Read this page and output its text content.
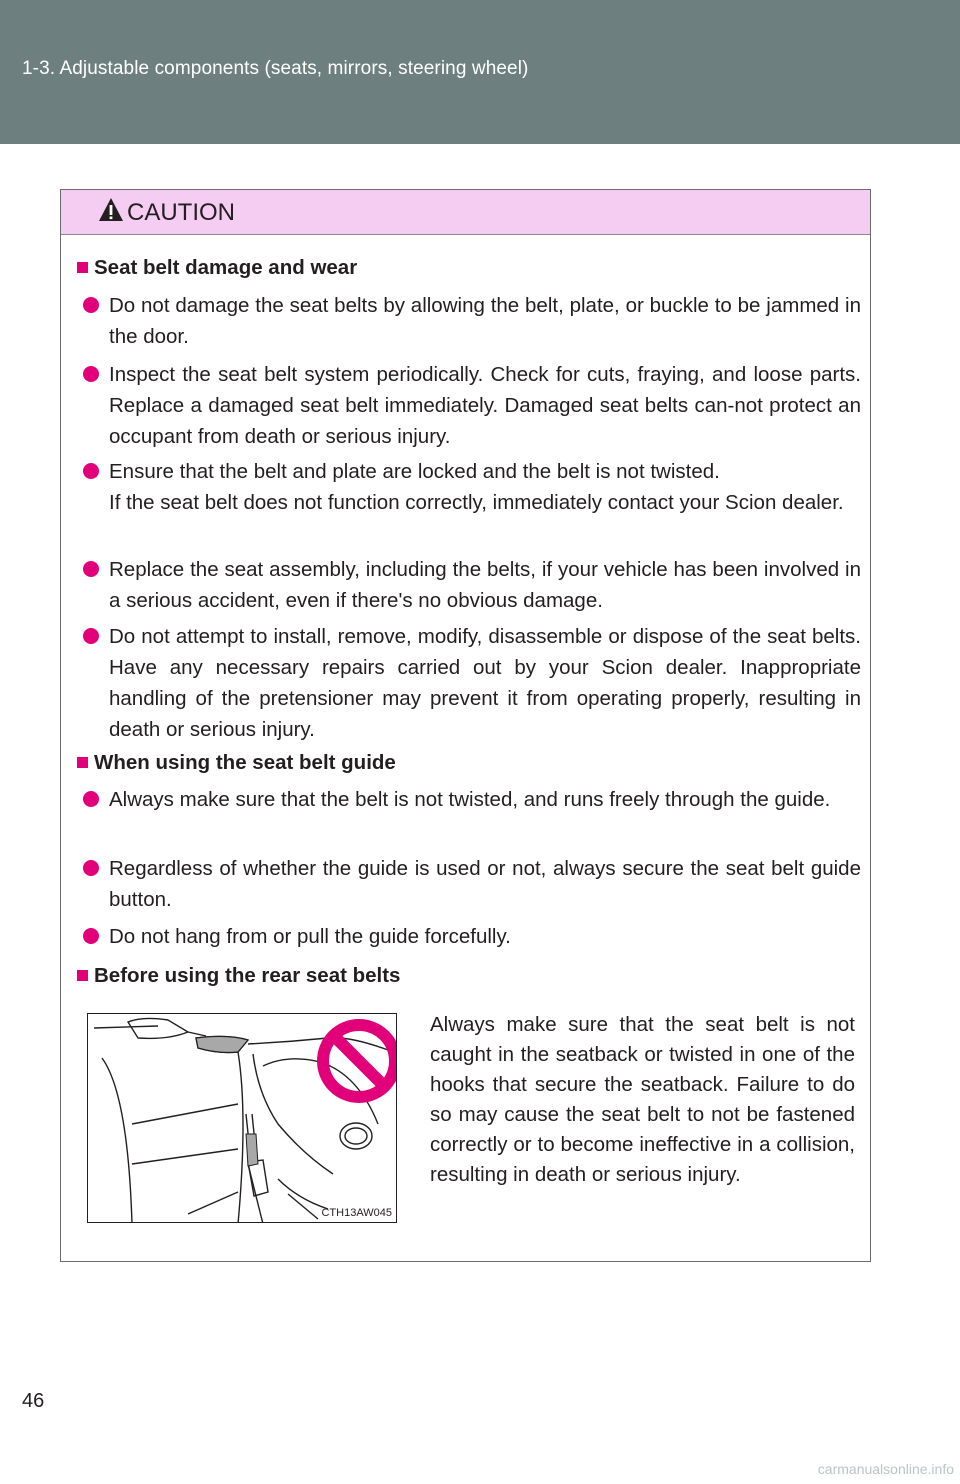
1-3. Adjustable components (seats, mirrors, steering wheel)
CAUTION
Seat belt damage and wear
Do not damage the seat belts by allowing the belt, plate, or buckle to be jammed in the door.
Inspect the seat belt system periodically. Check for cuts, fraying, and loose parts. Replace a damaged seat belt immediately. Damaged seat belts can-not protect an occupant from death or serious injury.
Ensure that the belt and plate are locked and the belt is not twisted.
If the seat belt does not function correctly, immediately contact your Scion dealer.
Replace the seat assembly, including the belts, if your vehicle has been involved in a serious accident, even if there's no obvious damage.
Do not attempt to install, remove, modify, disassemble or dispose of the seat belts. Have any necessary repairs carried out by your Scion dealer. Inappropriate handling of the pretensioner may prevent it from operating properly, resulting in death or serious injury.
When using the seat belt guide
Always make sure that the belt is not twisted, and runs freely through the guide.
Regardless of whether the guide is used or not, always secure the seat belt guide button.
Do not hang from or pull the guide forcefully.
Before using the rear seat belts
CTH13AW045
Always make sure that the seat belt is not caught in the seatback or twisted in one of the hooks that secure the seatback. Failure to do so may cause the seat belt to not be fastened correctly or to become ineffective in a collision, resulting in death or serious injury.
46
carmanualsonline.info
